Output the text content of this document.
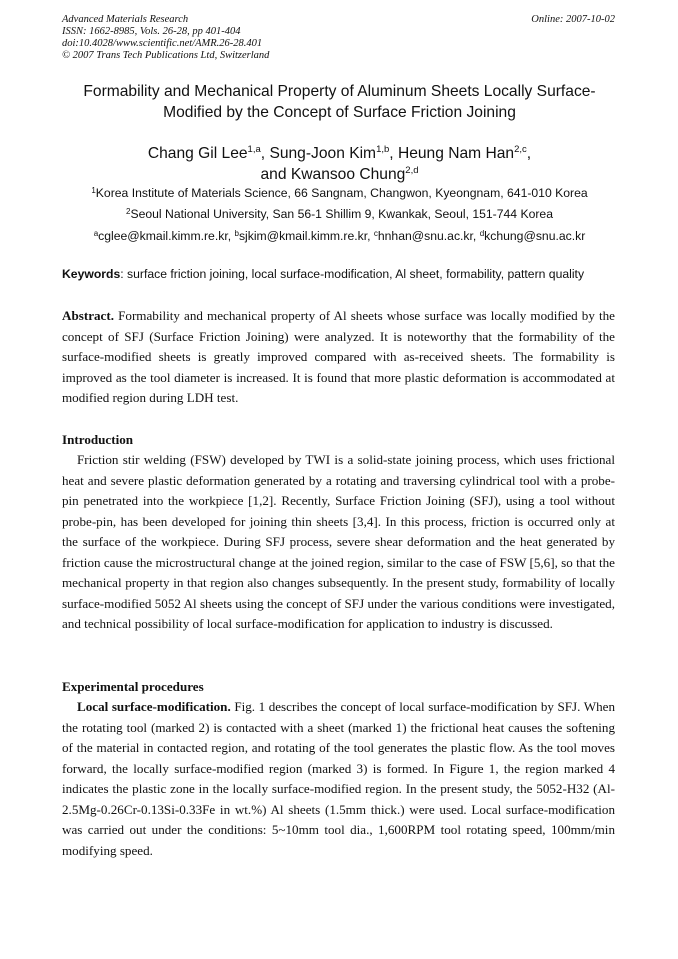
Advanced Materials Research
ISSN: 1662-8985, Vols. 26-28, pp 401-404
doi:10.4028/www.scientific.net/AMR.26-28.401
© 2007 Trans Tech Publications Ltd, Switzerland
Online: 2007-10-02
Formability and Mechanical Property of Aluminum Sheets Locally Surface-Modified by the Concept of Surface Friction Joining
Chang Gil Lee$^{1,a}$, Sung-Joon Kim$^{1,b}$, Heung Nam Han$^{2,c}$,
and Kwansoo Chung$^{2,d}$
$^1$Korea Institute of Materials Science, 66 Sangnam, Changwon, Kyeongnam, 641-010 Korea
$^2$Seoul National University, San 56-1 Shillim 9, Kwankak, Seoul, 151-744 Korea
$^a$cglee@kmail.kimm.re.kr, $^b$sjkim@kmail.kimm.re.kr, $^c$hnhan@snu.ac.kr, $^d$kchung@snu.ac.kr
Keywords: surface friction joining, local surface-modification, Al sheet, formability, pattern quality
Abstract. Formability and mechanical property of Al sheets whose surface was locally modified by the concept of SFJ (Surface Friction Joining) were analyzed. It is noteworthy that the formability of the surface-modified sheets is greatly improved compared with as-received sheets. The formability is improved as the tool diameter is increased. It is found that more plastic deformation is accommodated at modified region during LDH test.
Introduction
Friction stir welding (FSW) developed by TWI is a solid-state joining process, which uses frictional heat and severe plastic deformation generated by a rotating and traversing cylindrical tool with a probe-pin penetrated into the workpiece [1,2]. Recently, Surface Friction Joining (SFJ), using a tool without probe-pin, has been developed for joining thin sheets [3,4]. In this process, friction is occurred only at the surface of the workpiece. During SFJ process, severe shear deformation and the heat generated by friction cause the microstructural change at the joined region, similar to the case of FSW [5,6], so that the mechanical property in that region also changes subsequently. In the present study, formability of locally surface-modified 5052 Al sheets using the concept of SFJ under the various conditions were investigated, and technical possibility of local surface-modification for application to industry is discussed.
Experimental procedures
Local surface-modification. Fig. 1 describes the concept of local surface-modification by SFJ. When the rotating tool (marked 2) is contacted with a sheet (marked 1) the frictional heat causes the softening of the material in contacted region, and rotating of the tool generates the plastic flow. As the tool moves forward, the locally surface-modified region (marked 3) is formed. In Figure 1, the region marked 4 indicates the plastic zone in the locally surface-modified region. In the present study, the 5052-H32 (Al-2.5Mg-0.26Cr-0.13Si-0.33Fe in wt.%) Al sheets (1.5mm thick.) were used. Local surface-modification was carried out under the conditions: 5~10mm tool dia., 1,600RPM tool rotating speed, 100mm/min modifying speed.
